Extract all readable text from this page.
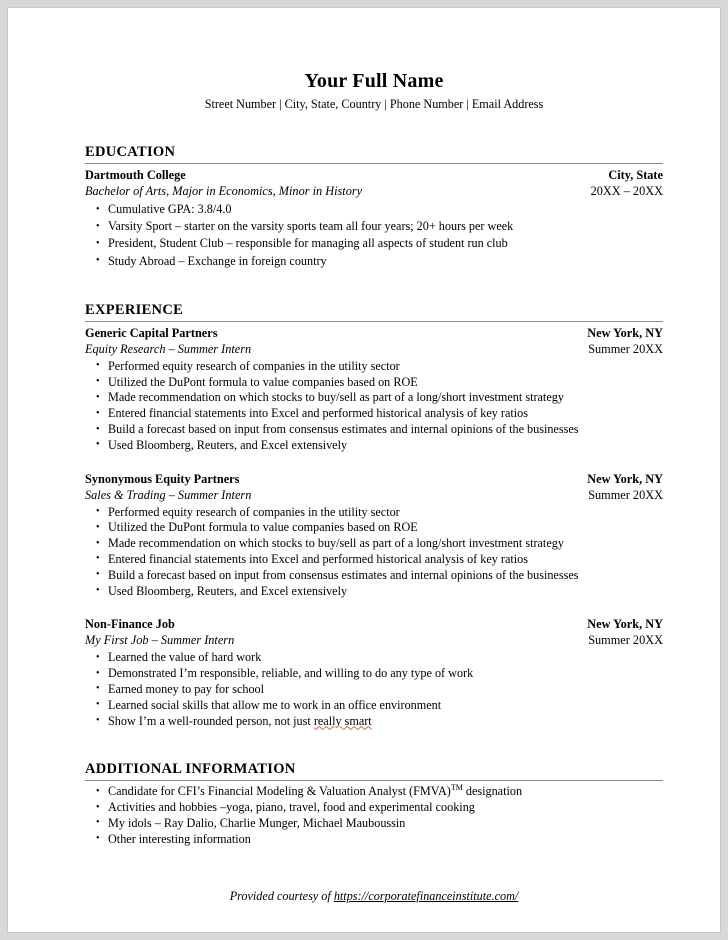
Your Full Name
Street Number | City, State, Country | Phone Number | Email Address
EDUCATION
Dartmouth College	City, State
Bachelor of Arts, Major in Economics, Minor in History	20XX – 20XX
• Cumulative GPA: 3.8/4.0
• Varsity Sport – starter on the varsity sports team all four years; 20+ hours per week
• President, Student Club – responsible for managing all aspects of student run club
• Study Abroad – Exchange in foreign country
EXPERIENCE
Generic Capital Partners	New York, NY
Equity Research – Summer Intern	Summer 20XX
• Performed equity research of companies in the utility sector
• Utilized the DuPont formula to value companies based on ROE
• Made recommendation on which stocks to buy/sell as part of a long/short investment strategy
• Entered financial statements into Excel and performed historical analysis of key ratios
• Build a forecast based on input from consensus estimates and internal opinions of the businesses
• Used Bloomberg, Reuters, and Excel extensively
Synonymous Equity Partners	New York, NY
Sales & Trading – Summer Intern	Summer 20XX
• Performed equity research of companies in the utility sector
• Utilized the DuPont formula to value companies based on ROE
• Made recommendation on which stocks to buy/sell as part of a long/short investment strategy
• Entered financial statements into Excel and performed historical analysis of key ratios
• Build a forecast based on input from consensus estimates and internal opinions of the businesses
• Used Bloomberg, Reuters, and Excel extensively
Non-Finance Job	New York, NY
My First Job – Summer Intern	Summer 20XX
• Learned the value of hard work
• Demonstrated I’m responsible, reliable, and willing to do any type of work
• Earned money to pay for school
• Learned social skills that allow me to work in an office environment
• Show I’m a well-rounded person, not just really smart
ADDITIONAL INFORMATION
• Candidate for CFI’s Financial Modeling & Valuation Analyst (FMVA)™ designation
• Activities and hobbies –yoga, piano, travel, food and experimental cooking
• My idols – Ray Dalio, Charlie Munger, Michael Mauboussin
• Other interesting information
Provided courtesy of https://corporatefinanceinstitute.com/
